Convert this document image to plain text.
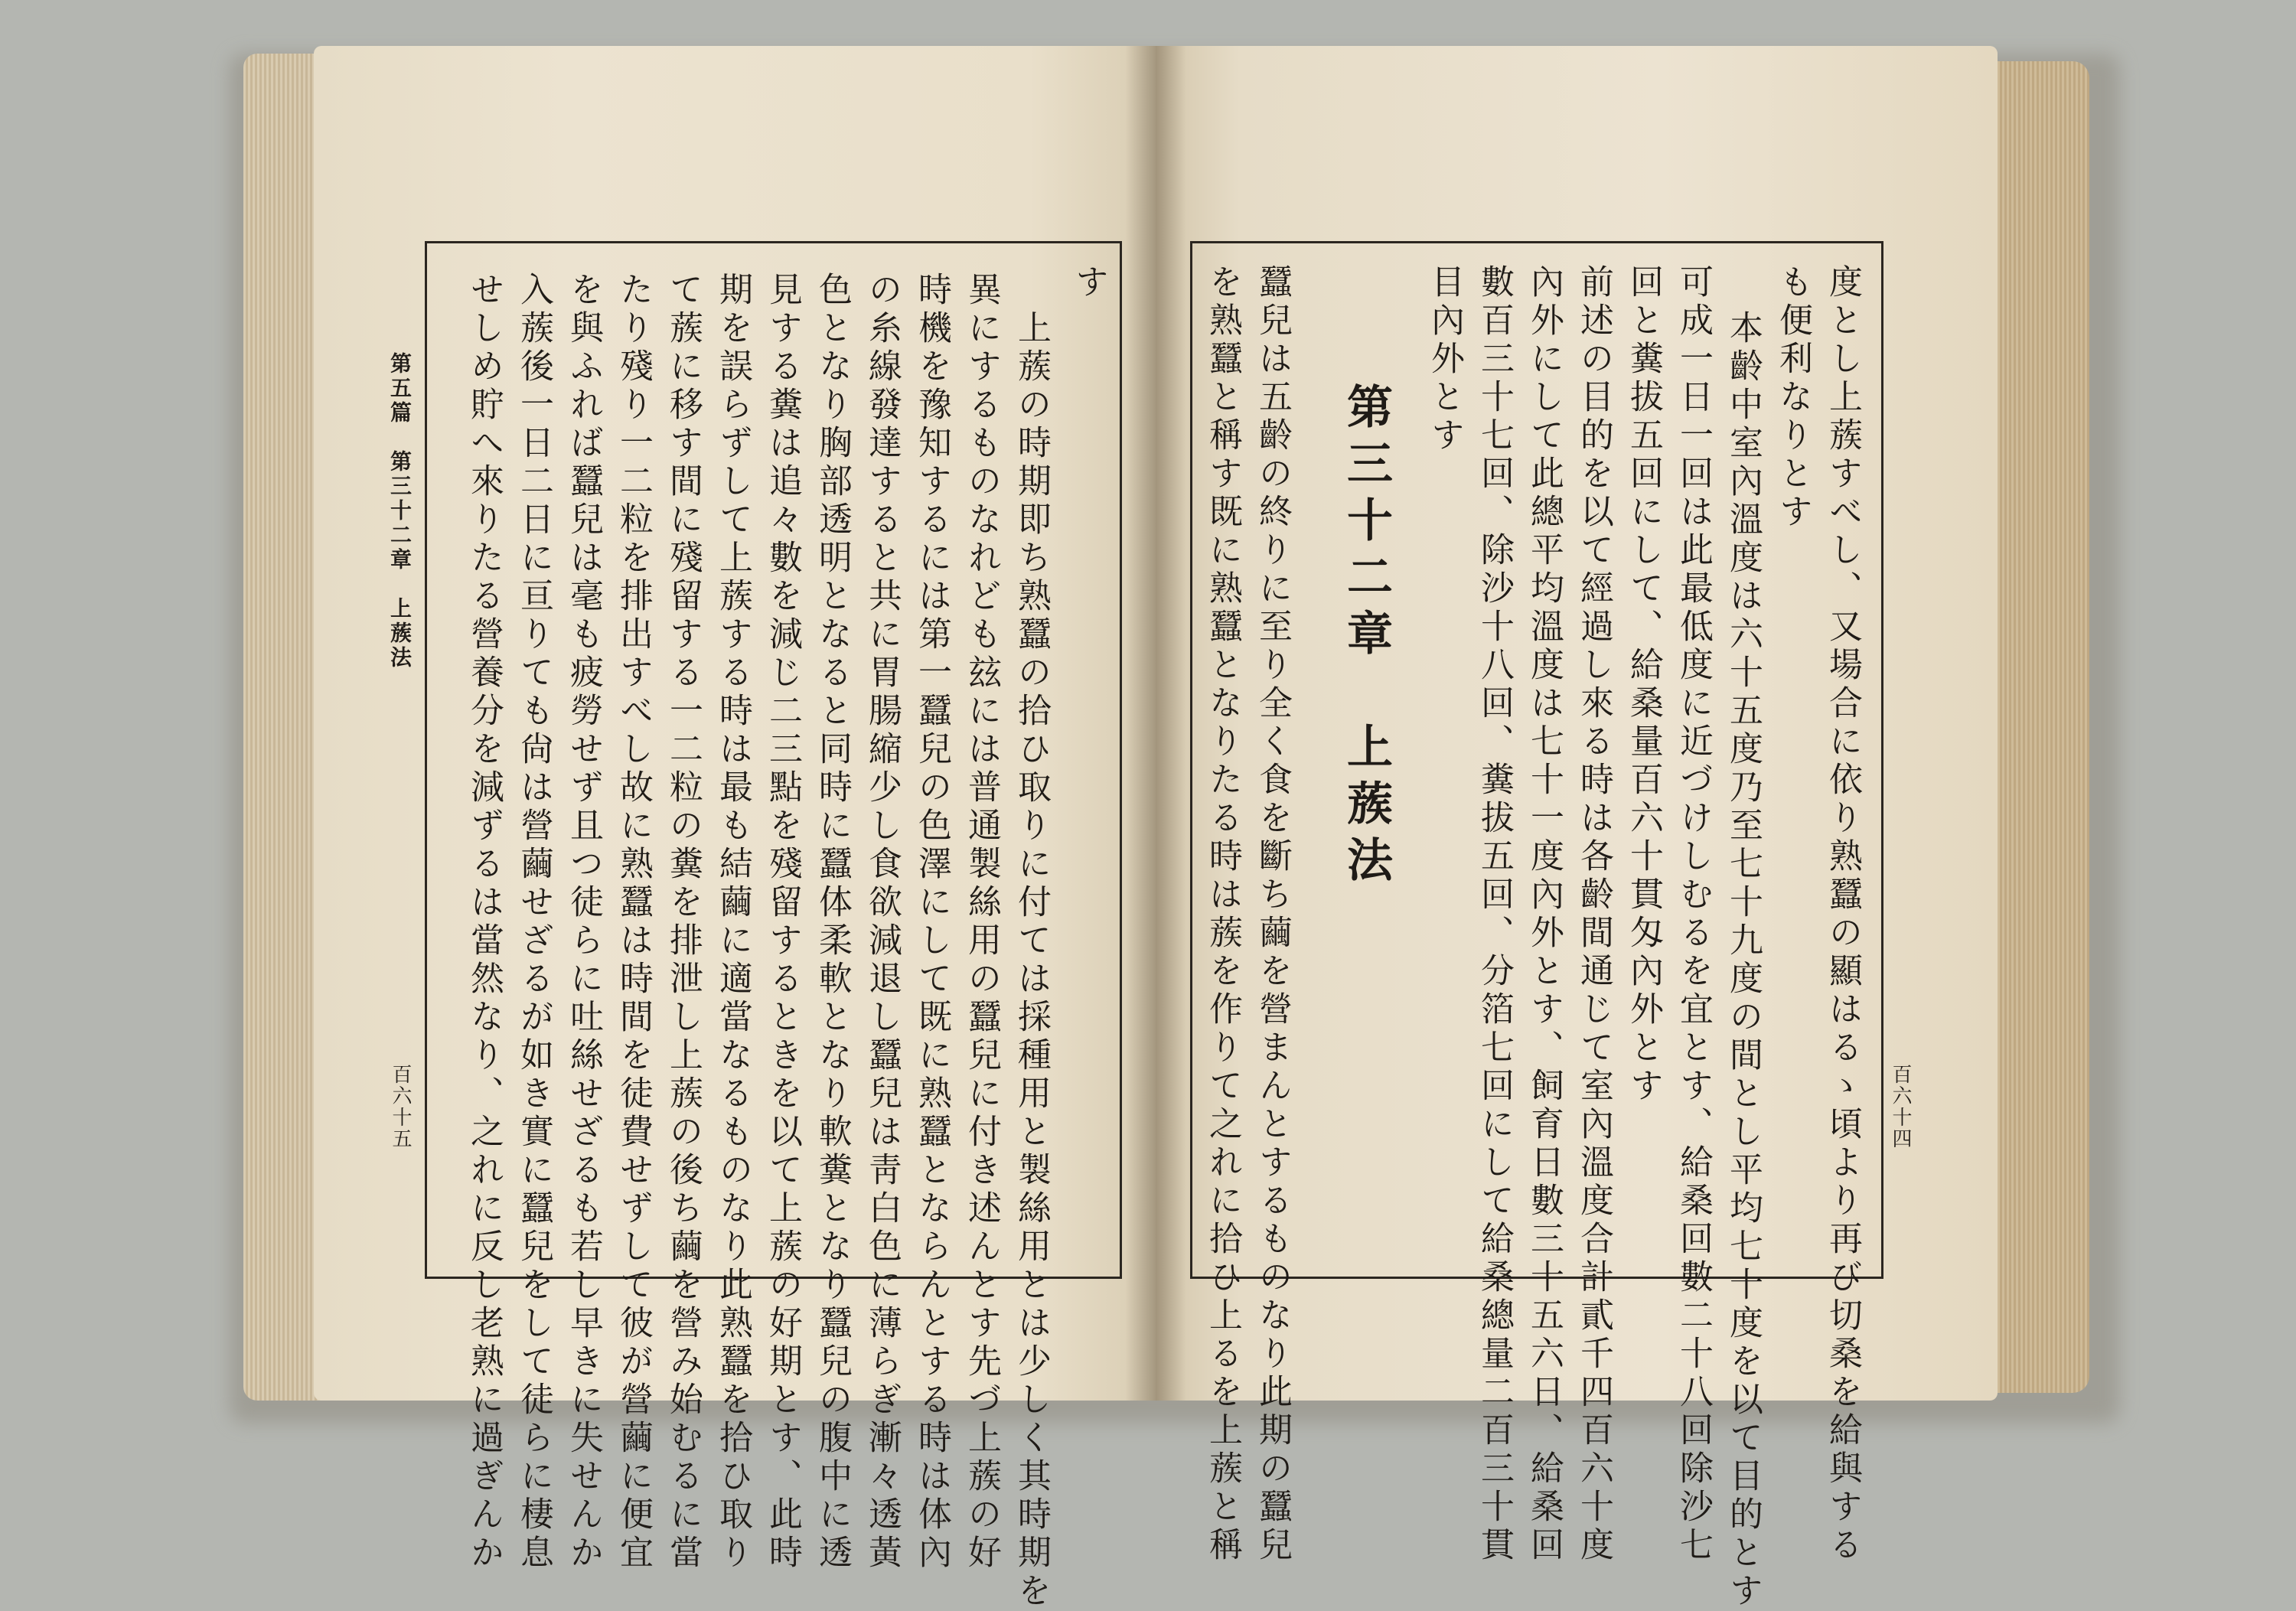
第五篇　第三十二章　上蔟法
百六十五
す
上蔟の時期即ち熟蠶の拾ひ取りに付ては採種用と製絲用とは少しく其時期を
異にするものなれども玆には普通製絲用の蠶兒に付き述んとす先づ上蔟の好
時機を豫知するには第一蠶兒の色澤にして既に熟蠶とならんとする時は体內
の糸線發達すると共に胃腸縮少し食欲減退し蠶兒は靑白色に薄らぎ漸々透黃
色となり胸部透明となると同時に蠶体柔軟となり軟糞となり蠶兒の腹中に透
見する糞は追々數を減じ二三點を殘留するときを以て上蔟の好期とす、此時
期を誤らずして上蔟する時は最も結繭に適當なるものなり此熟蠶を拾ひ取り
て蔟に移す間に殘留する一二粒の糞を排泄し上蔟の後ち繭を營み始むるに當
たり殘り一二粒を排出すべし故に熟蠶は時間を徒費せずして彼が營繭に便宜
を與ふれば蠶兒は毫も疲勞せず且つ徒らに吐絲せざるも若し早きに失せんか
入蔟後一日二日に亘りても尙は營繭せざるが如き實に蠶兒をして徒らに棲息
せしめ貯へ來りたる營養分を減ずるは當然なり、之れに反し老熟に過ぎんか	度とし上蔟すべし、又場合に依り熟蠶の顯はるゝ頃より再び切桑を給與する
も便利なりとす
本齡中室內溫度は六十五度乃至七十九度の間とし平均七十度を以て目的とす
可成一日一回は此最低度に近づけしむるを宜とす、給桑回數二十八回除沙七
回と糞拔五回にして、給桑量百六十貫匁內外とす
前述の目的を以て經過し來る時は各齡間通じて室內溫度合計貳千四百六十度
內外にして此總平均溫度は七十一度內外とす、飼育日數三十五六日、給桑回
數百三十七回、除沙十八回、糞拔五回、分箔七回にして給桑總量二百三十貫
目內外とす
第三十二章　上蔟法
蠶兒は五齡の終りに至り全く食を斷ち繭を營まんとするものなり此期の蠶兒
を熟蠶と稱す既に熟蠶となりたる時は蔟を作りて之れに拾ひ上るを上蔟と稱	百六十四
